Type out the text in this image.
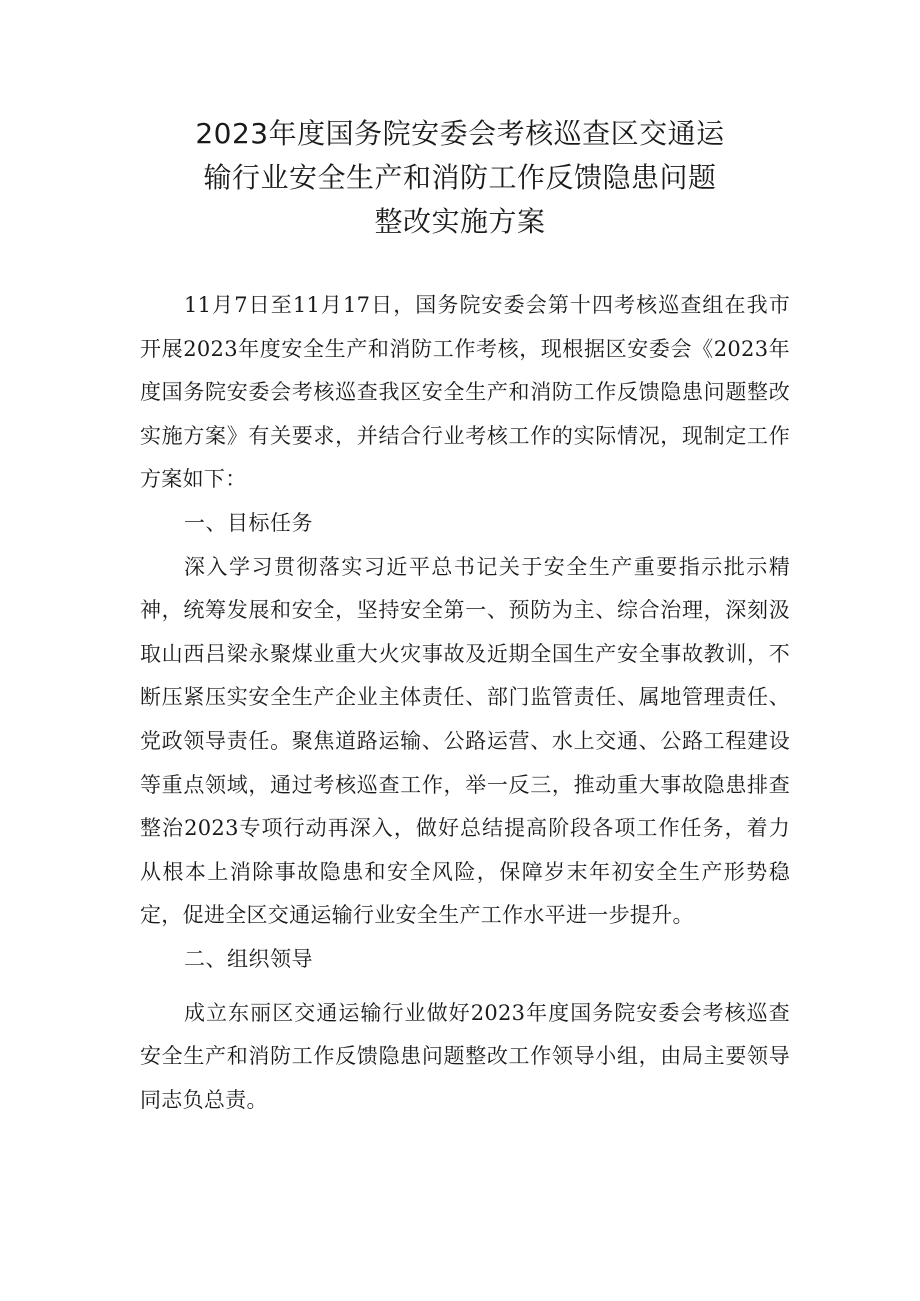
2023年度国务院安委会考核巡查区交通运
输行业安全生产和消防工作反馈隐患问题
整改实施方案

11月7日至11月17日，国务院安委会第十四考核巡查组在我市开展2023年度安全生产和消防工作考核，现根据区安委会《2023年度国务院安委会考核巡查我区安全生产和消防工作反馈隐患问题整改实施方案》有关要求，并结合行业考核工作的实际情况，现制定工作方案如下：

一、目标任务

深入学习贯彻落实习近平总书记关于安全生产重要指示批示精神，统筹发展和安全，坚持安全第一、预防为主、综合治理，深刻汲取山西吕梁永聚煤业重大火灾事故及近期全国生产安全事故教训，不断压紧压实安全生产企业主体责任、部门监管责任、属地管理责任、党政领导责任。聚焦道路运输、公路运营、水上交通、公路工程建设等重点领域，通过考核巡查工作，举一反三，推动重大事故隐患排查整治2023专项行动再深入，做好总结提高阶段各项工作任务，着力从根本上消除事故隐患和安全风险，保障岁末年初安全生产形势稳定，促进全区交通运输行业安全生产工作水平进一步提升。

二、组织领导

成立东丽区交通运输行业做好2023年度国务院安委会考核巡查安全生产和消防工作反馈隐患问题整改工作领导小组，由局主要领导同志负总责。
